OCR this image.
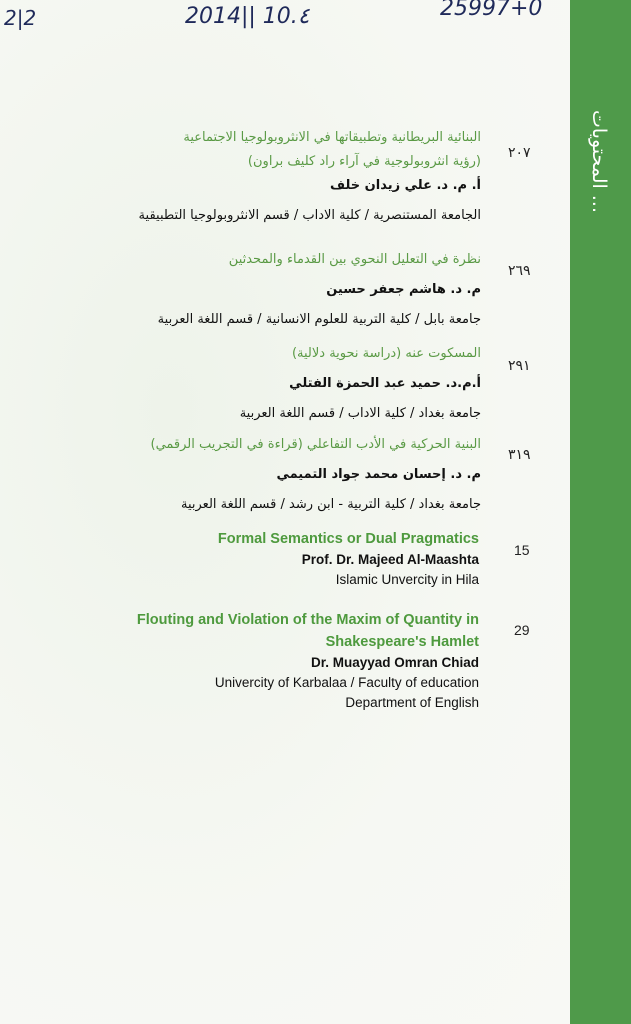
المحتويات ...
2|2	2014|| 10.٤	25997+0
٢٠٧
البنائية البريطانية وتطبيقاتها في الانثروبولوجيا الاجتماعية
(رؤية انثروبولوجية في آراء راد كليف براون)
أ. م. د. علي زيدان خلف
الجامعة المستنصرية / كلية الاداب / قسم الانثروبولوجيا التطبيقية
٢٦٩
نظرة في التعليل النحوي بين القدماء والمحدثين
م. د. هاشم جعفر حسين
جامعة بابل / كلية التربية للعلوم الانسانية / قسم اللغة العربية
٢٩١
المسكوت عنه (دراسة نحوية دلالية)
أ.م.د. حميد عبد الحمزة الفتلي
جامعة بغداد / كلية الاداب / قسم اللغة العربية
٣١٩
البنية الحركية في الأدب التفاعلي (قراءة في التجريب الرقمي)
م. د. إحسان محمد جواد التميمي
جامعة بغداد / كلية التربية - ابن رشد / قسم اللغة العربية
15
Formal Semantics or Dual Pragmatics
Prof. Dr. Majeed Al-Maashta
Islamic Unvercity in Hila
29
Flouting and Violation of the Maxim of Quantity in
Shakespeare's Hamlet
Dr. Muayyad Omran Chiad
Univercity of Karbalaa / Faculty of education
Department of English
